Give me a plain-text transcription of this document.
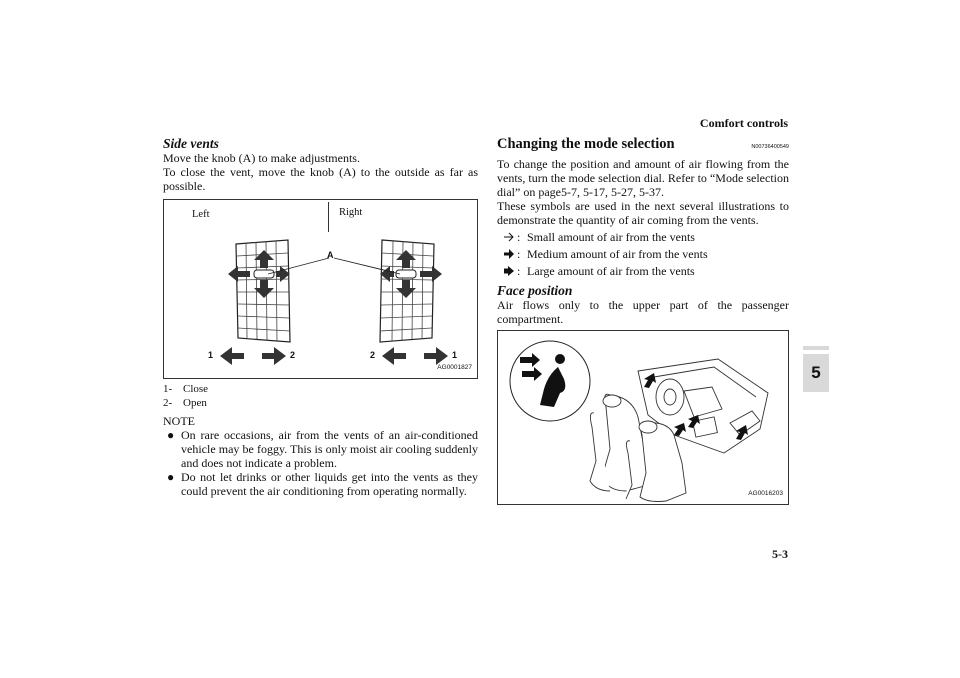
Comfort controls
5-3
5
Side vents
Move the knob (A) to make adjustments.
To close the vent, move the knob (A) to the outside as far as possible.
Left	Right
A
1	2	2	1
AG0001827
1- Close
2- Open
NOTE
● On rare occasions, air from the vents of an air-conditioned vehicle may be foggy. This is only moist air cooling suddenly and does not indicate a problem.
● Do not let drinks or other liquids get into the vents as they could prevent the air conditioning from operating normally.
Changing the mode selection	N00736400549
To change the position and amount of air flowing from the vents, turn the mode selection dial. Refer to “Mode selection dial” on page5-7, 5-17, 5-27, 5-37.
These symbols are used in the next several illustrations to demonstrate the quantity of air coming from the vents.
: Small amount of air from the vents
: Medium amount of air from the vents
: Large amount of air from the vents
Face position
Air flows only to the upper part of the passenger compartment.
AG0016203
